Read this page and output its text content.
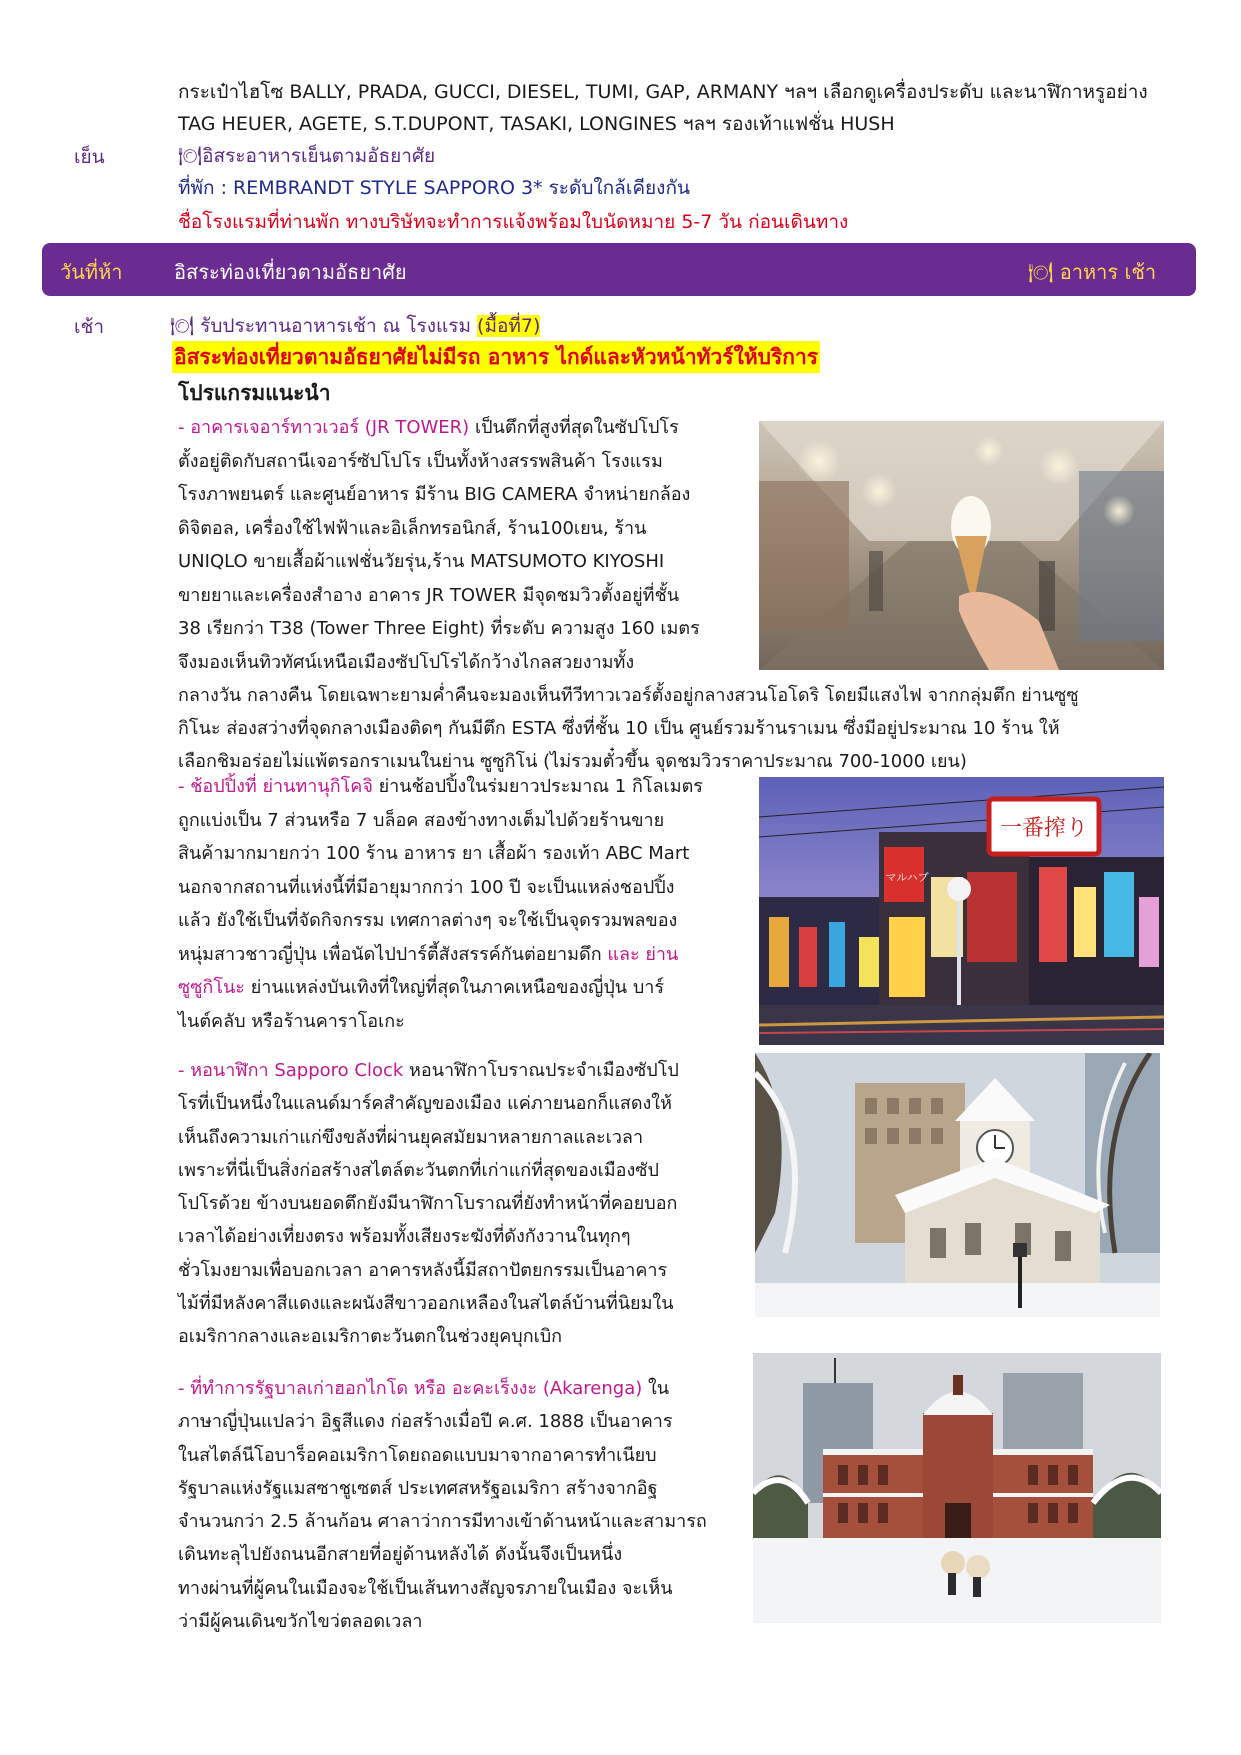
กระเป๋าไฮโซ BALLY, PRADA, GUCCI, DIESEL, TUMI, GAP, ARMANY ฯลฯ เลือกดูเครื่องประดับ และนาฬิกาหรูอย่าง
TAG HEUER, AGETE, S.T.DUPONT, TASAKI, LONGINES ฯลฯ รองเท้าแฟชั่น HUSH
เย็น	🍽อิสระอาหารเย็นตามอัธยาศัย
ที่พัก : REMBRANDT STYLE SAPPORO 3* ระดับใกล้เคียงกัน
ชื่อโรงแรมที่ท่านพัก ทางบริษัทจะทำการแจ้งพร้อมใบนัดหมาย 5-7 วัน ก่อนเดินทาง
วันที่ห้า	อิสระท่องเที่ยวตามอัธยาศัย	🍽 อาหาร เช้า
เช้า	🍽 รับประทานอาหารเช้า ณ โรงแรม (มื้อที่7)
อิสระท่องเที่ยวตามอัธยาศัยไม่มีรถ อาหาร ไกด์และหัวหน้าทัวร์ให้บริการ
โปรแกรมแนะนำ
- อาคารเจอาร์ทาวเวอร์ (JR TOWER) เป็นตึกที่สูงที่สุดในซัปโปโร
ตั้งอยู่ติดกับสถานีเจอาร์ซัปโปโร เป็นทั้งห้างสรรพสินค้า โรงแรม
โรงภาพยนตร์ และศูนย์อาหาร มีร้าน BIG CAMERA จำหน่ายกล้อง
ดิจิตอล, เครื่องใช้ไฟฟ้าและอิเล็กทรอนิกส์, ร้าน100เยน, ร้าน
UNIQLO ขายเสื้อผ้าแฟชั่นวัยรุ่น,ร้าน MATSUMOTO KIYOSHI
ขายยาและเครื่องสำอาง อาคาร JR TOWER มีจุดชมวิวตั้งอยู่ที่ชั้น
38 เรียกว่า T38 (Tower Three Eight) ที่ระดับ ความสูง 160 เมตร
จึงมองเห็นทิวทัศน์เหนือเมืองซัปโปโรได้กว้างไกลสวยงามทั้ง
กลางวัน กลางคืน โดยเฉพาะยามค่ำคืนจะมองเห็นทีวีทาวเวอร์ตั้งอยู่กลางสวนโอโดริ โดยมีแสงไฟ จากกลุ่มตึก ย่านซูซู
กิโนะ ส่องสว่างที่จุดกลางเมืองติดๆ กันมีตึก ESTA ซึ่งที่ชั้น 10 เป็น ศูนย์รวมร้านราเมน ซึ่งมีอยู่ประมาณ 10 ร้าน ให้
เลือกชิมอร่อยไม่แพ้ตรอกราเมนในย่าน ซูซูกิโน่ (ไม่รวมตั๋วขึ้น จุดชมวิวราคาประมาณ 700-1000 เยน)
- ช้อปปิ้งที่ ย่านทานุกิโคจิ ย่านช้อปปิ้งในร่มยาวประมาณ 1 กิโลเมตร
ถูกแบ่งเป็น 7 ส่วนหรือ 7 บล็อค สองข้างทางเต็มไปด้วยร้านขาย
สินค้ามากมายกว่า 100 ร้าน อาหาร ยา เสื้อผ้า รองเท้า ABC Mart
นอกจากสถานที่แห่งนี้ที่มีอายุมากกว่า 100 ปี จะเป็นแหล่งชอปปิ้ง
แล้ว ยังใช้เป็นที่จัดกิจกรรม เทศกาลต่างๆ จะใช้เป็นจุดรวมพลของ
หนุ่มสาวชาวญี่ปุ่น เพื่อนัดไปปาร์ตี้สังสรรค์กันต่อยามดึก และ ย่าน
ซูซูกิโนะ ย่านแหล่งบันเทิงที่ใหญ่ที่สุดในภาคเหนือของญี่ปุ่น บาร์
ไนต์คลับ หรือร้านคาราโอเกะ
一番搾り
マルハブ
- หอนาฬิกา Sapporo Clock หอนาฬิกาโบราณประจำเมืองซัปโป
โรที่เป็นหนึ่งในแลนด์มาร์คสำคัญของเมือง แค่ภายนอกก็แสดงให้
เห็นถึงความเก่าแก่ขึงขลังที่ผ่านยุคสมัยมาหลายกาลและเวลา
เพราะที่นี่เป็นสิ่งก่อสร้างสไตล์ตะวันตกที่เก่าแก่ที่สุดของเมืองซัป
โปโรด้วย ข้างบนยอดตึกยังมีนาฬิกาโบราณที่ยังทำหน้าที่คอยบอก
เวลาได้อย่างเที่ยงตรง พร้อมทั้งเสียงระฆังที่ดังกังวานในทุกๆ
ชั่วโมงยามเพื่อบอกเวลา อาคารหลังนี้มีสถาปัตยกรรมเป็นอาคาร
ไม้ที่มีหลังคาสีแดงและผนังสีขาวออกเหลืองในสไตล์บ้านที่นิยมใน
อเมริกากลางและอเมริกาตะวันตกในช่วงยุคบุกเบิก
- ที่ทำการรัฐบาลเก่าฮอกไกโด หรือ อะคะเร็งงะ (Akarenga) ใน
ภาษาญี่ปุ่นแปลว่า อิฐสีแดง ก่อสร้างเมื่อปี ค.ศ. 1888 เป็นอาคาร
ในสไตล์นีโอบาร็อคอเมริกาโดยถอดแบบมาจากอาคารทำเนียบ
รัฐบาลแห่งรัฐแมสซาชูเซตส์ ประเทศสหรัฐอเมริกา สร้างจากอิฐ
จำนวนกว่า 2.5 ล้านก้อน ศาลาว่าการมีทางเข้าด้านหน้าและสามารถ
เดินทะลุไปยังถนนอีกสายที่อยู่ด้านหลังได้ ดังนั้นจึงเป็นหนึ่ง
ทางผ่านที่ผู้คนในเมืองจะใช้เป็นเส้นทางสัญจรภายในเมือง จะเห็น
ว่ามีผู้คนเดินขวักไขว่ตลอดเวลา
